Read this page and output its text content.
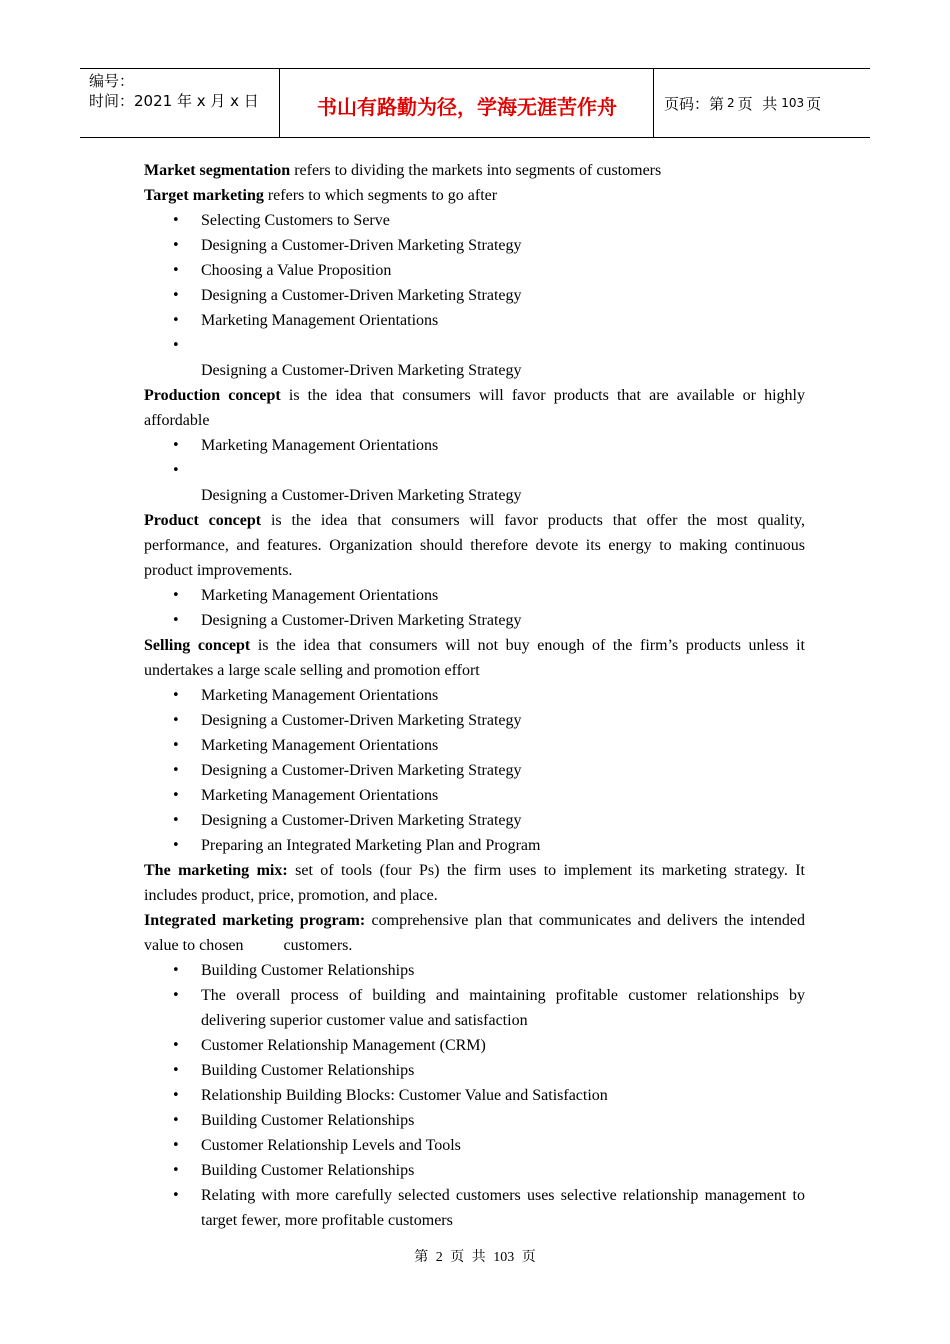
编号：
时间：2021 年 x 月 x 日	书山有路勤为径，学海无涯苦作舟	页码：第 2 页  共 103 页

Market segmentation refers to dividing the markets into segments of customers

Target marketing refers to which segments to go after

• Selecting Customers to Serve
• Designing a Customer-Driven Marketing Strategy
• Choosing a Value Proposition
• Designing a Customer-Driven Marketing Strategy
• Marketing Management Orientations
•
Designing a Customer-Driven Marketing Strategy

Production concept is the idea that consumers will favor products that are available or highly affordable

• Marketing Management Orientations
•
Designing a Customer-Driven Marketing Strategy

Product concept is the idea that consumers will favor products that offer the most quality, performance, and features. Organization should therefore devote its energy to making continuous product improvements.

• Marketing Management Orientations
• Designing a Customer-Driven Marketing Strategy

Selling concept is the idea that consumers will not buy enough of the firm’s products unless it undertakes a large scale selling and promotion effort

• Marketing Management Orientations
• Designing a Customer-Driven Marketing Strategy
• Marketing Management Orientations
• Designing a Customer-Driven Marketing Strategy
• Marketing Management Orientations
• Designing a Customer-Driven Marketing Strategy
• Preparing an Integrated Marketing Plan and Program

The marketing mix: set of tools (four Ps) the firm uses to implement its marketing strategy. It includes product, price, promotion, and place.

Integrated marketing program: comprehensive plan that communicates and delivers the intended value to chosen          customers.

• Building Customer Relationships
• The overall process of building and maintaining profitable customer relationships by delivering superior customer value and satisfaction
• Customer Relationship Management (CRM)
• Building Customer Relationships
• Relationship Building Blocks: Customer Value and Satisfaction
• Building Customer Relationships
• Customer Relationship Levels and Tools
• Building Customer Relationships
• Relating with more carefully selected customers uses selective relationship management to target fewer, more profitable customers
第 2 页 共 103 页
